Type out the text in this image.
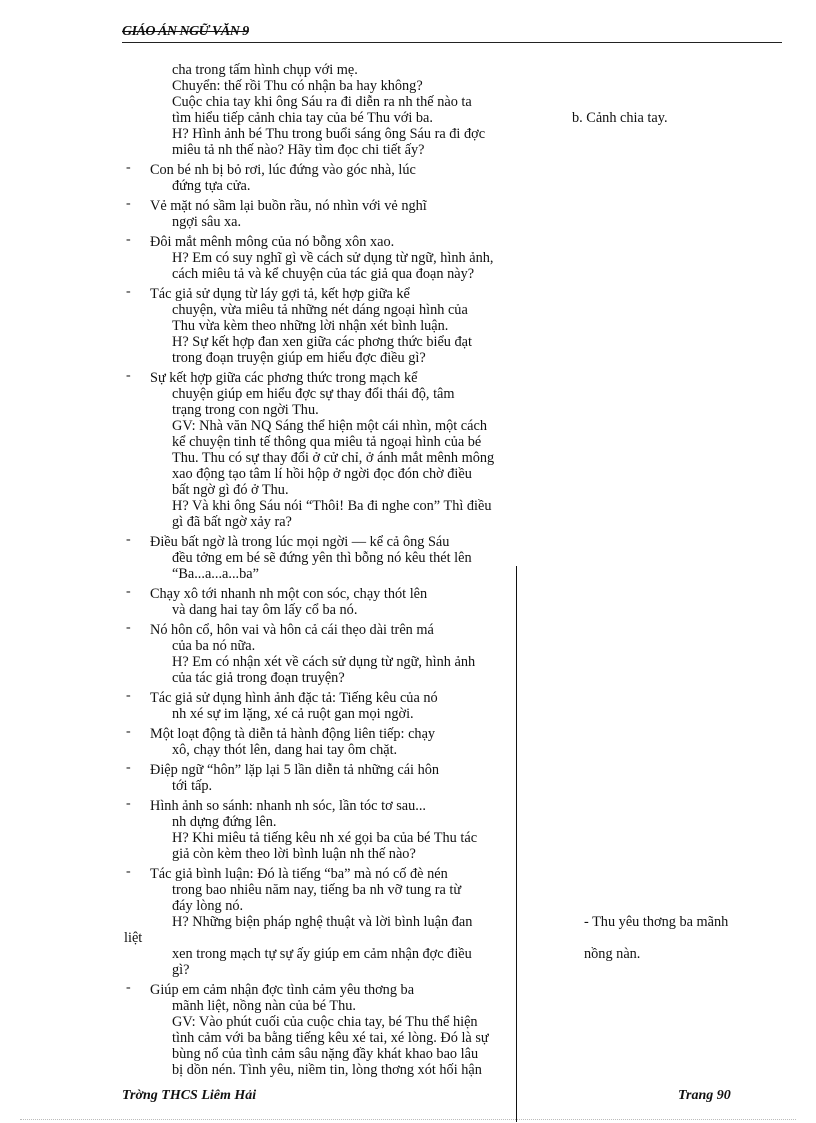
GIÁO ÁN NGỮ VĂN 9
cha trong tấm hình chụp với mẹ.
Chuyển: thế rồi Thu có nhận ba hay không?
Cuộc chia tay khi ông Sáu ra đi diễn ra nh thế nào ta
tìm hiểu tiếp cảnh chia tay của bé Thu với ba.	b. Cảnh chia tay.
H? Hình ảnh bé Thu trong buổi sáng ông Sáu ra đi đợc
miêu tả nh thế nào? Hãy tìm đọc chi tiết ấy?
- Con bé nh bị bỏ rơi, lúc đứng vào góc nhà, lúc
đứng tựa cửa.
- Vẻ mặt nó sầm lại buồn rầu, nó nhìn với vẻ nghĩ
ngợi sâu xa.
- Đôi mắt mênh mông của nó bỗng xôn xao.
H? Em có suy nghĩ gì về cách sử dụng từ ngữ, hình ảnh,
cách miêu tả và kể chuyện của tác giả qua đoạn này?
- Tác giả sử dụng từ láy gợi tả, kết hợp giữa kể
chuyện, vừa miêu tả những nét dáng ngoại hình của
Thu vừa kèm theo những lời nhận xét bình luận.
H? Sự kết hợp đan xen giữa các phơng thức biểu đạt
trong đoạn truyện giúp em hiểu đợc điều gì?
- Sự kết hợp giữa các phơng thức trong mạch kể
chuyện giúp em hiểu đợc sự thay đổi thái độ, tâm
trạng trong con ngời Thu.
GV: Nhà văn NQ Sáng thể hiện một cái nhìn, một cách
kể chuyện tinh tế thông qua miêu tả ngoại hình của bé
Thu. Thu có sự thay đổi ở cử chỉ, ở ánh mắt mênh mông
xao động tạo tâm lí hồi hộp ở ngời đọc đón chờ điều
bất ngờ gì đó ở Thu.
H? Và khi ông Sáu nói “Thôi! Ba đi nghe con” Thì điều
gì đã bất ngờ xảy ra?
- Điều bất ngờ là trong lúc mọi ngời — kể cả ông Sáu
đều tởng em bé sẽ đứng yên thì bỗng nó kêu thét lên
“Ba...a...a...ba”
- Chạy xô tới nhanh nh một con sóc, chạy thót lên
và dang hai tay ôm lấy cổ ba nó.
- Nó hôn cổ, hôn vai và hôn cả cái thẹo dài trên má
của ba nó nữa.
H? Em có nhận xét về cách sử dụng từ ngữ, hình ảnh
của tác giả trong đoạn truyện?
- Tác giả sử dụng hình ảnh đặc tả: Tiếng kêu của nó
nh xé sự im lặng, xé cả ruột gan mọi ngời.
- Một loạt động tà diễn tả hành động liên tiếp: chạy
xô, chạy thót lên, dang hai tay ôm chặt.
- Điệp ngữ “hôn” lặp lại 5 lần diễn tả những cái hôn
tới tấp.
- Hình ảnh so sánh: nhanh nh sóc, lần tóc tơ sau...
nh dựng đứng lên.
H? Khi miêu tả tiếng kêu nh xé gọi ba của bé Thu tác
giả còn kèm theo lời bình luận nh thế nào?
- Tác giả bình luận: Đó là tiếng “ba” mà nó cố đè nén
trong bao nhiêu năm nay, tiếng ba nh vỡ tung ra từ
đáy lòng nó.
H? Những biện pháp nghệ thuật và lời bình luận đan	- Thu yêu thơng ba mãnh
liệt
xen trong mạch tự sự ấy giúp em cảm nhận đợc điều	nồng nàn.
gì?
- Giúp em cảm nhận đợc tình cảm yêu thơng ba
mãnh liệt, nồng nàn của bé Thu.
GV: Vào phút cuối của cuộc chia tay, bé Thu thể hiện
tình cảm với ba bằng tiếng kêu xé tai, xé lòng. Đó là sự
bùng nổ của tình cảm sâu nặng đầy khát khao bao lâu
bị dồn nén. Tình yêu, niềm tin, lòng thơng xót hối hận
Trờng THCS Liêm Hải	Trang 90
